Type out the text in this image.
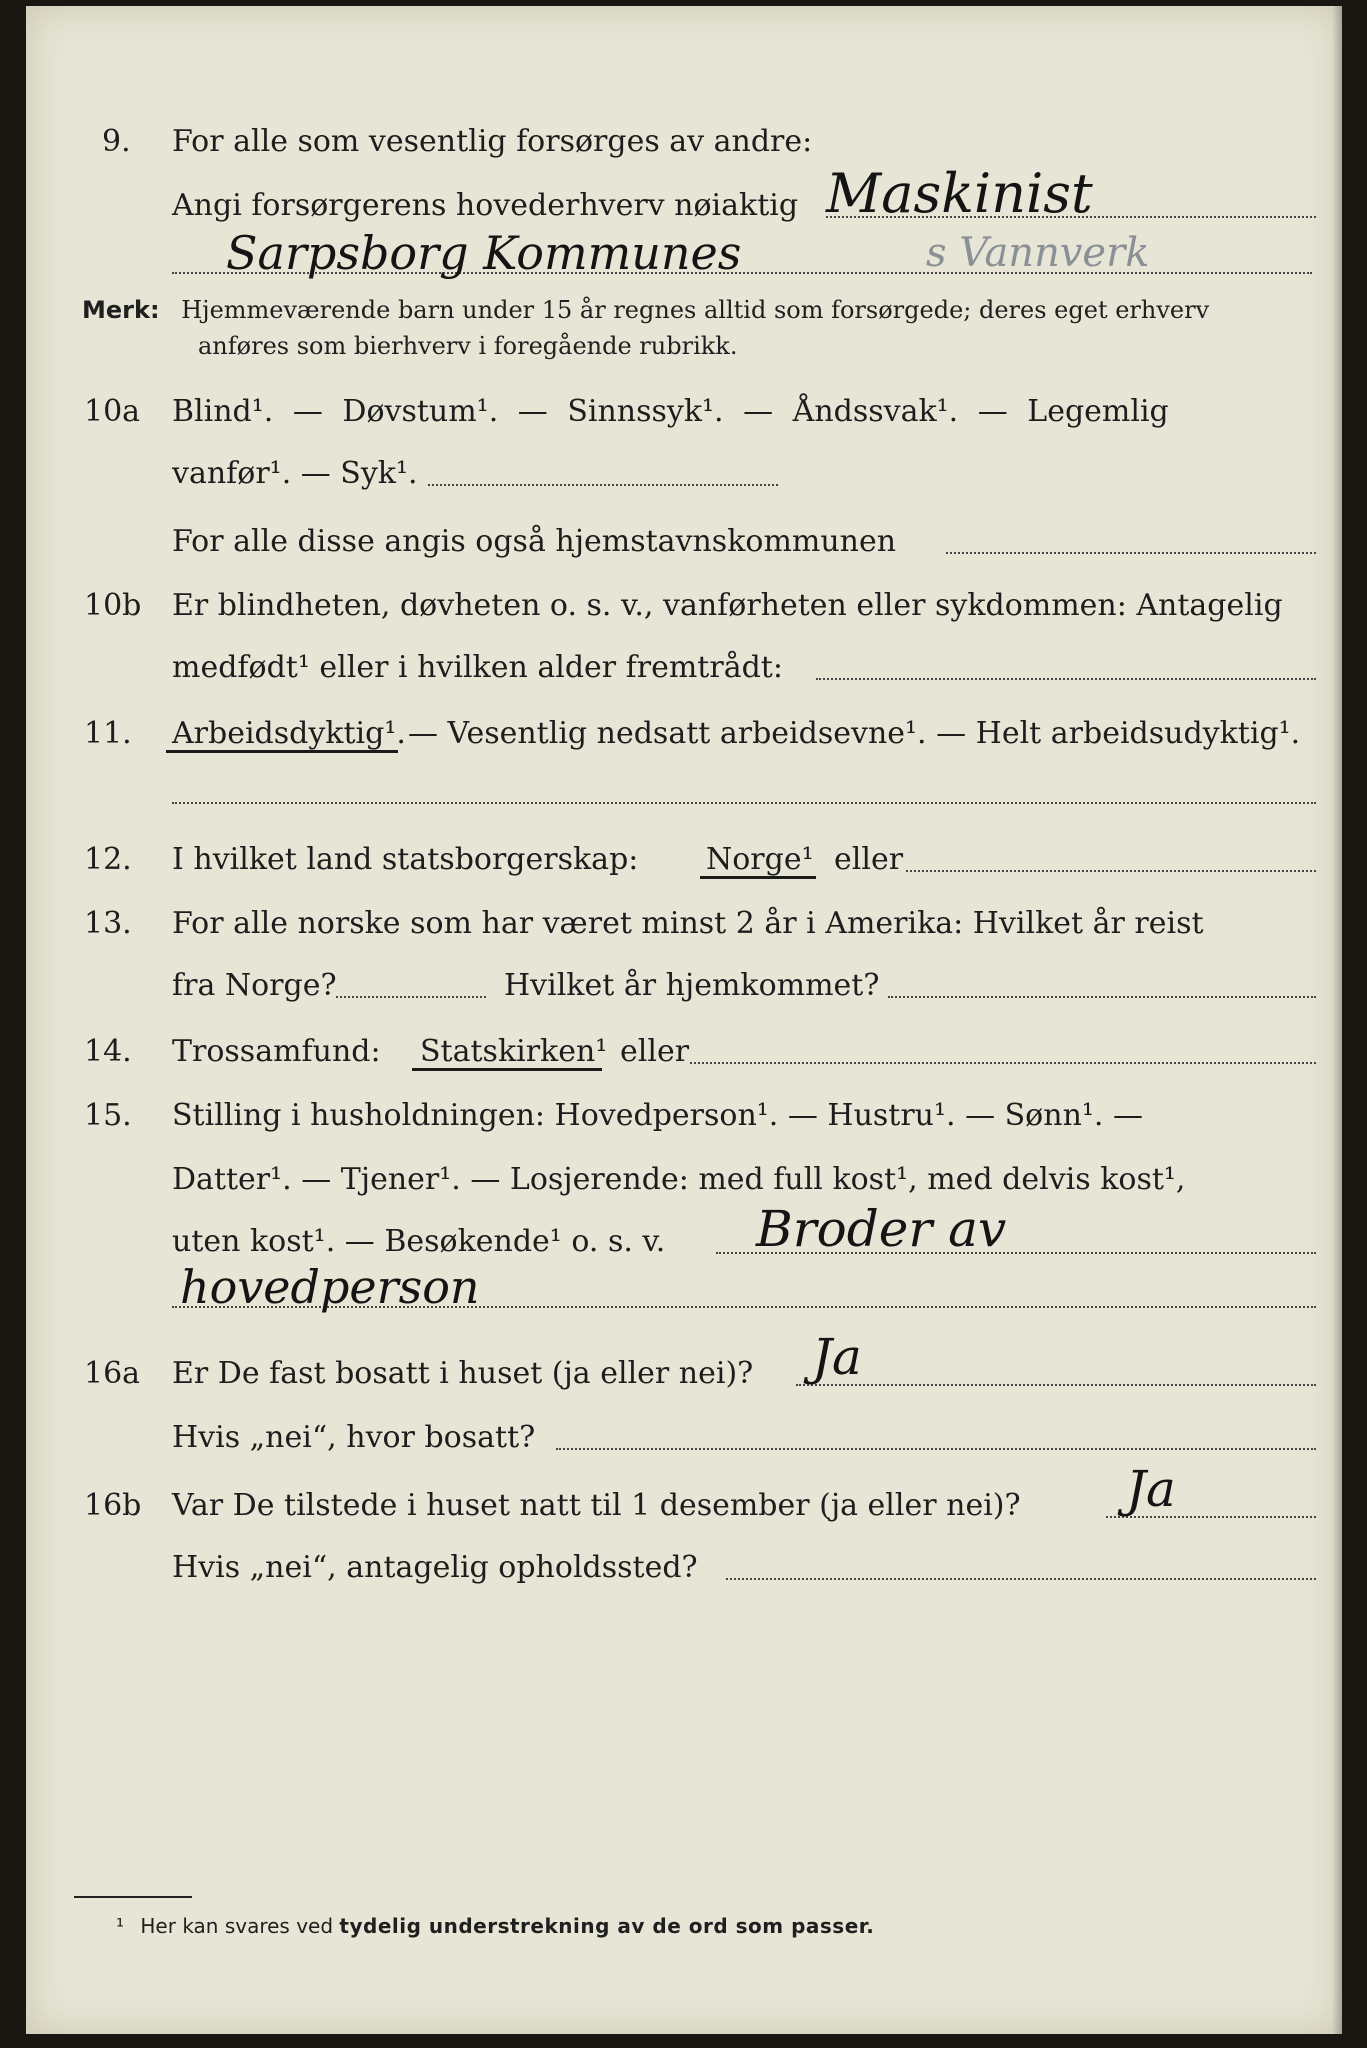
9. For alle som vesentlig forsørges av andre:
Angi forsørgerens hovederhverv nøiaktig Maskinist
Sarpsborg Kommunes	s Vannverk
Merk: Hjemmeværende barn under 15 år regnes alltid som forsørgede; deres eget erhverv
anføres som bierhverv i foregående rubrikk.
10a Blind¹. — Døvstum¹. — Sinnssyk¹. — Åndssvak¹. — Legemlig
vanfør¹. — Syk¹.
For alle disse angis også hjemstavnskommunen
10b Er blindheten, døvheten o. s. v., vanførheten eller sykdommen: Antagelig
medfødt¹ eller i hvilken alder fremtrådt:
11. Arbeidsdyktig¹. — Vesentlig nedsatt arbeidsevne¹. — Helt arbeidsudyktig¹.
12. I hvilket land statsborgerskap: Norge¹ eller
13. For alle norske som har været minst 2 år i Amerika: Hvilket år reist
fra Norge?	Hvilket år hjemkommet?
14. Trossamfund: Statskirken¹ eller
15. Stilling i husholdningen: Hovedperson¹. — Hustru¹. — Sønn¹. —
Datter¹. — Tjener¹. — Losjerende: med full kost¹, med delvis kost¹,
uten kost¹. — Besøkende¹ o. s. v. Broder av
hovedperson
16a Er De fast bosatt i huset (ja eller nei)? Ja
Hvis „nei“, hvor bosatt?
16b Var De tilstede i huset natt til 1 desember (ja eller nei)? Ja
Hvis „nei“, antagelig opholdssted?
¹ Her kan svares ved tydelig understrekning av de ord som passer.
